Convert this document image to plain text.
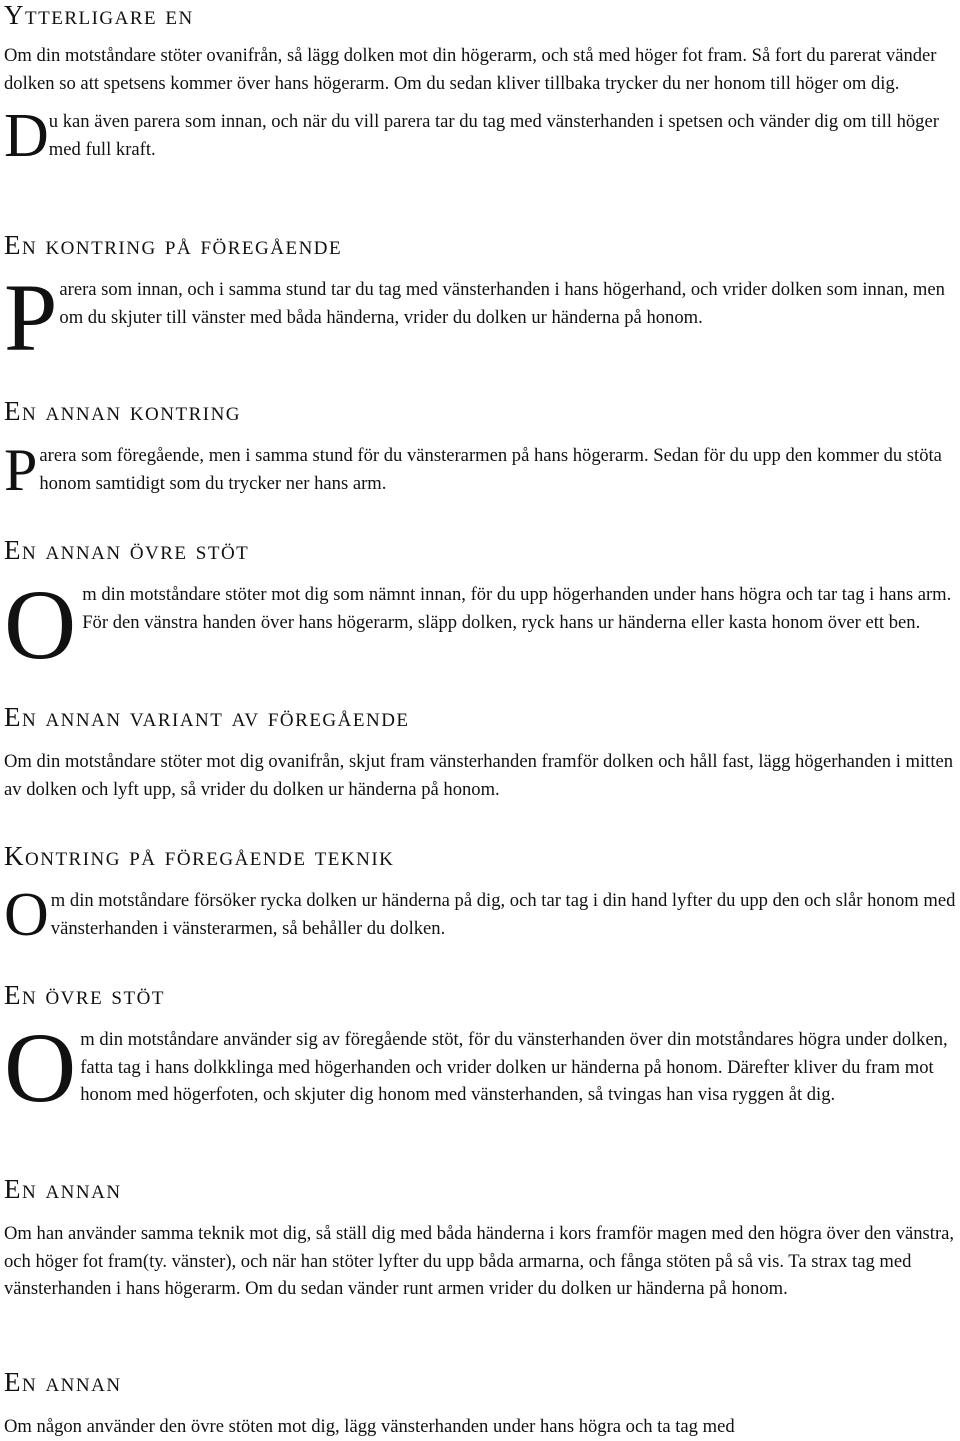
Ytterligare en

Om din motståndare stöter ovanifrån, så lägg dolken mot din högerarm, och stå med höger fot fram. Så fort du parerat vänder dolken so att spetsens kommer över hans högerarm. Om du sedan kliver tillbaka trycker du ner honom till höger om dig.

D u kan även parera som innan, och när du vill parera tar du tag med vänsterhanden i spetsen och vänder dig om till höger med full kraft.

En kontring på föregående
P arera som innan, och i samma stund tar du tag med vänsterhanden i hans högerhand, och vrider dolken som innan, men om du skjuter till vänster med båda händerna, vrider du dolken ur händerna på honom.

En annan kontring
P arera som föregående, men i samma stund för du vänsterarmen på hans högerarm. Sedan för du upp den kommer du stöta honom samtidigt som du trycker ner hans arm.

En annan övre stöt
O m din motståndare stöter mot dig som nämnt innan, för du upp högerhanden under hans högra och tar tag i hans arm. För den vänstra handen över hans högerarm, släpp dolken, ryck hans ur händerna eller kasta honom över ett ben.

En annan variant av föregående

Om din motståndare stöter mot dig ovanifrån, skjut fram vänsterhanden framför dolken och håll fast, lägg högerhanden i mitten av dolken och lyft upp, så vrider du dolken ur händerna på honom.

Kontring på föregående teknik
O m din motståndare försöker rycka dolken ur händerna på dig, och tar tag i din hand lyfter du upp den och slår honom med vänsterhanden i vänsterarmen, så behåller du dolken.

En övre stöt

Om din motståndare använder sig av föregående stöt, för du vänsterhanden över din motståndares högra under dolken, fatta tag i hans dolkklinga med högerhanden och vrider dolken ur händerna på honom. Därefter kliver du fram mot honom med högerfoten, och skjuter dig honom med vänsterhanden, så tvingas han visa ryggen åt dig.

En annan

Om han använder samma teknik mot dig, så ställ dig med båda händerna i kors framför magen med den högra över den vänstra, och höger fot fram(ty. vänster), och när han stöter lyfter du upp båda armarna, och fånga stöten på så vis. Ta strax tag med vänsterhanden i hans högerarm. Om du sedan vänder runt armen vrider du dolken ur händerna på honom.

En annan

Om någon använder den övre stöten mot dig, lägg vänsterhanden under hans högra och ta tag med
